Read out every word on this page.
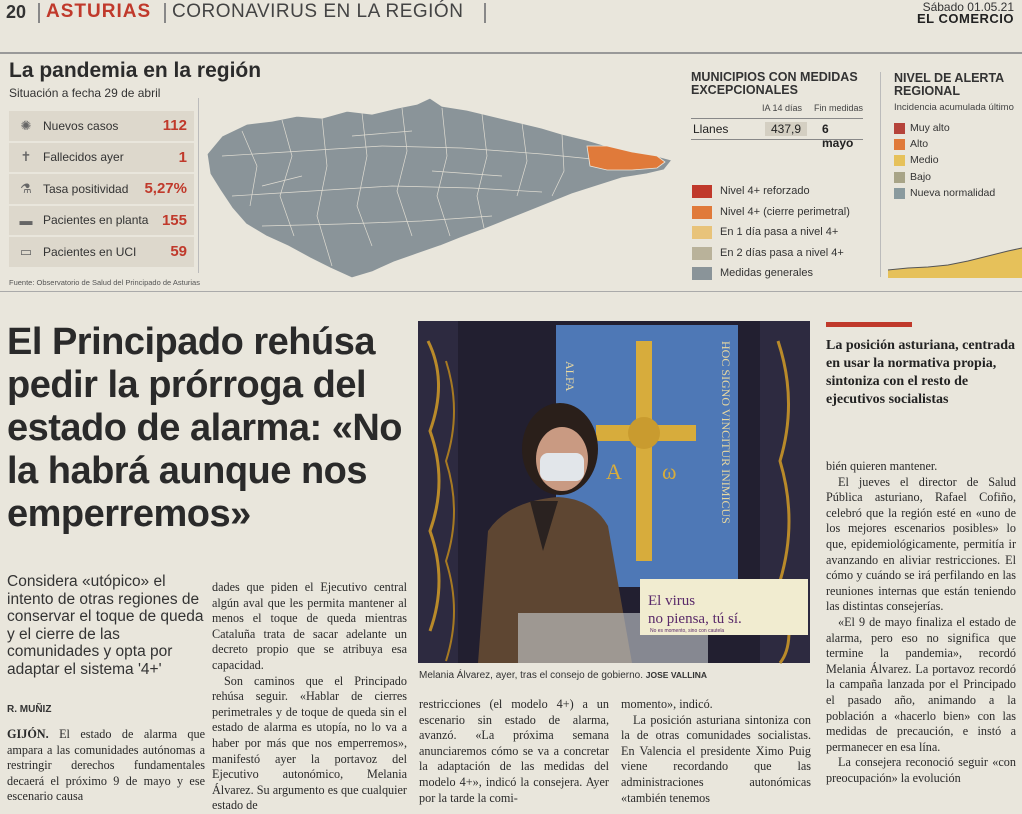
20 ASTURIAS CORONAVIRUS EN LA REGIÓN	Sábado 01.05.21
EL COMERCIO
La pandemia en la región
Situación a fecha 29 de abril
✺ Nuevos casos	112
✝ Fallecidos ayer	1
⚗ Tasa positividad	5,27%
▬ Pacientes en planta 155
▭ Pacientes en UCI	59
Fuente: Observatorio de Salud del Principado de Asturias
MUNICIPIOS CON MEDIDAS EXCEPCIONALES
IA 14 días Fin medidas
Llanes	437,9	6 mayo
Nivel 4+ reforzado
Nivel 4+ (cierre perimetral)
En 1 día pasa a nivel 4+
En 2 días pasa a nivel 4+
Medidas generales
NIVEL DE ALERTA REGIONAL
Incidencia acumulada último
Muy alto
Alto
Medio
Bajo
Nueva normalidad
El Principado rehúsa pedir la prórroga del estado de alarma: «No la habrá aunque nos emperremos»
Considera «utópico» el intento de otras regiones de conservar el toque de queda y el cierre de las comunidades y opta por adaptar el sistema '4+'
R. MUÑIZ

GIJÓN. El estado de alarma que ampara a las comunidades autónomas a restringir derechos fundamentales decaerá el próximo 9 de mayo y ese escenario causa

dades que piden el Ejecutivo central algún aval que les permita mantener al menos el toque de queda mientras Cataluña trata de sacar adelante un decreto propio que se atribuya esa capacidad.

Son caminos que el Principado rehúsa seguir. «Hablar de cierres perimetrales y de toque de queda sin el estado de alarma es utopía, no lo va a haber por más que nos emperremos», manifestó ayer la portavoz del Ejecutivo autonómico, Melania Álvarez. Su argumento es que cualquier estado de

ALFA	HOC SIGNO VINCITUR INIMICUS
A ω
El virus
no piensa, tú sí.
No es momento, sino con cautela
Melania Álvarez, ayer, tras el consejo de gobierno. JOSE VALLINA

restricciones (el modelo 4+) a un escenario sin estado de alarma, avanzó. «La próxima semana anunciaremos cómo se va a concretar la adaptación de las medidas del modelo 4+», indicó la consejera. Ayer por la tarde la comi-

momento», indicó.

La posición asturiana sintoniza con la de otras comunidades socialistas. En Valencia el presidente Ximo Puig viene recordando que las administraciones autonómicas «también tenemos

La posición asturiana, centrada en usar la normativa propia, sintoniza con el resto de ejecutivos socialistas

bién quieren mantener.

El jueves el director de Salud Pública asturiano, Rafael Cofiño, celebró que la región esté en «uno de los mejores escenarios posibles» lo que, epidemiológicamente, permitía ir avanzando en aliviar restricciones. El cómo y cuándo se irá perfilando en las reuniones internas que están teniendo las distintas consejerías.

«El 9 de mayo finaliza el estado de alarma, pero eso no significa que termine la pandemia», recordó Melania Álvarez. La portavoz recordó la campaña lanzada por el Principado el pasado año, animando a la población a «hacerlo bien» con las medidas de precaución, e instó a permanecer en esa lína.

La consejera reconoció seguir «con preocupación» la evolución
